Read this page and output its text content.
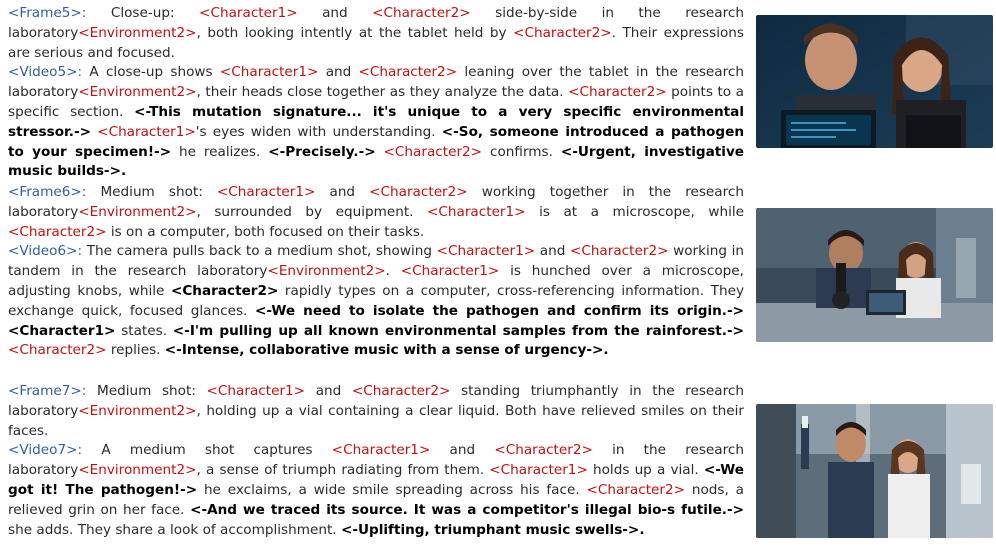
<Frame5>: Close-up: <Character1> and <Character2> side-by-side in the research laboratory<Environment2>, both looking intently at the tablet held by <Character2>. Their expressions are serious and focused.

<Video5>: A close-up shows <Character1> and <Character2> leaning over the tablet in the research laboratory<Environment2>, their heads close together as they analyze the data. <Character2> points to a specific section. <-This mutation signature... it's unique to a very specific environmental stressor.-> <Character1>'s eyes widen with understanding. <-So, someone introduced a pathogen to your specimen!-> he realizes. <-Precisely.-> <Character2> confirms. <-Urgent, investigative music builds->.

<Frame6>: Medium shot: <Character1> and <Character2> working together in the research laboratory<Environment2>, surrounded by equipment. <Character1> is at a microscope, while <Character2> is on a computer, both focused on their tasks.

<Video6>: The camera pulls back to a medium shot, showing <Character1> and <Character2> working in tandem in the research laboratory<Environment2>. <Character1> is hunched over a microscope, adjusting knobs, while <Character2> rapidly types on a computer, cross-referencing information. They exchange quick, focused glances. <-We need to isolate the pathogen and confirm its origin.-> <Character1> states. <-I'm pulling up all known environmental samples from the rainforest.-> <Character2> replies. <-Intense, collaborative music with a sense of urgency->.

<Frame7>: Medium shot: <Character1> and <Character2> standing triumphantly in the research laboratory<Environment2>, holding up a vial containing a clear liquid. Both have relieved smiles on their faces.

<Video7>: A medium shot captures <Character1> and <Character2> in the research laboratory<Environment2>, a sense of triumph radiating from them. <Character1> holds up a vial. <-We got it! The pathogen!-> he exclaims, a wide smile spreading across his face. <Character2> nods, a relieved grin on her face. <-And we traced its source. It was a competitor's illegal bio-s futile.-> she adds. They share a look of accomplishment. <-Uplifting, triumphant music swells->.
